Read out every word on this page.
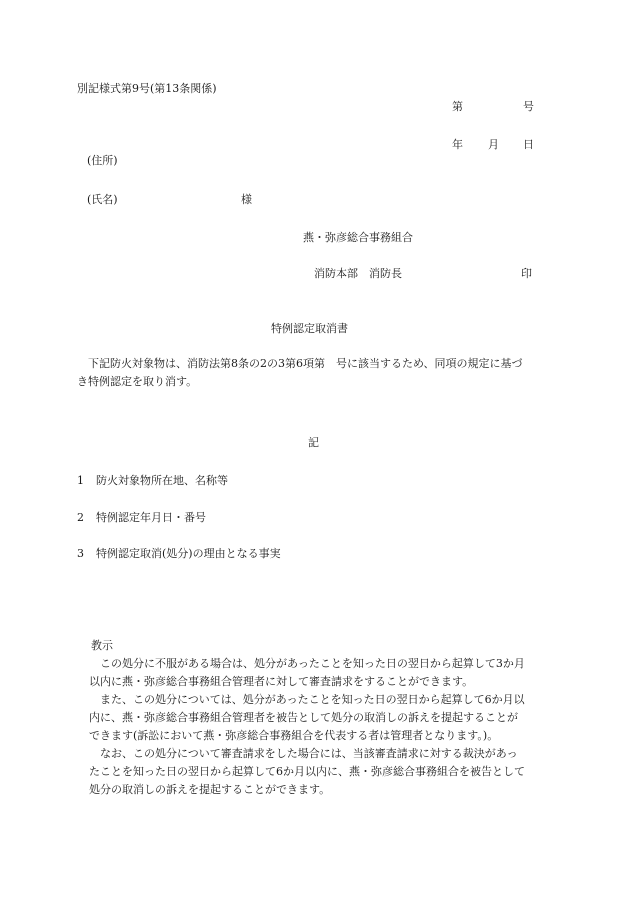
別記様式第9号(第13条関係)
第	号
年 月 日
(住所)
(氏名)	様
燕・弥彦総合事務組合
消防本部　消防長	印
特例認定取消書
下記防火対象物は、消防法第8条の2の3第6項第　号に該当するため、同項の規定に基づ
き特例認定を取り消す。
記
1 防火対象物所在地、名称等
2 特例認定年月日・番号
3 特例認定取消(処分)の理由となる事実
教示
この処分に不服がある場合は、処分があったことを知った日の翌日から起算して3か月
以内に燕・弥彦総合事務組合管理者に対して審査請求をすることができます。
また、この処分については、処分があったことを知った日の翌日から起算して6か月以
内に、燕・弥彦総合事務組合管理者を被告として処分の取消しの訴えを提起することが
できます(訴訟において燕・弥彦総合事務組合を代表する者は管理者となります。)。
なお、この処分について審査請求をした場合には、当該審査請求に対する裁決があっ
たことを知った日の翌日から起算して6か月以内に、燕・弥彦総合事務組合を被告として
処分の取消しの訴えを提起することができます。
